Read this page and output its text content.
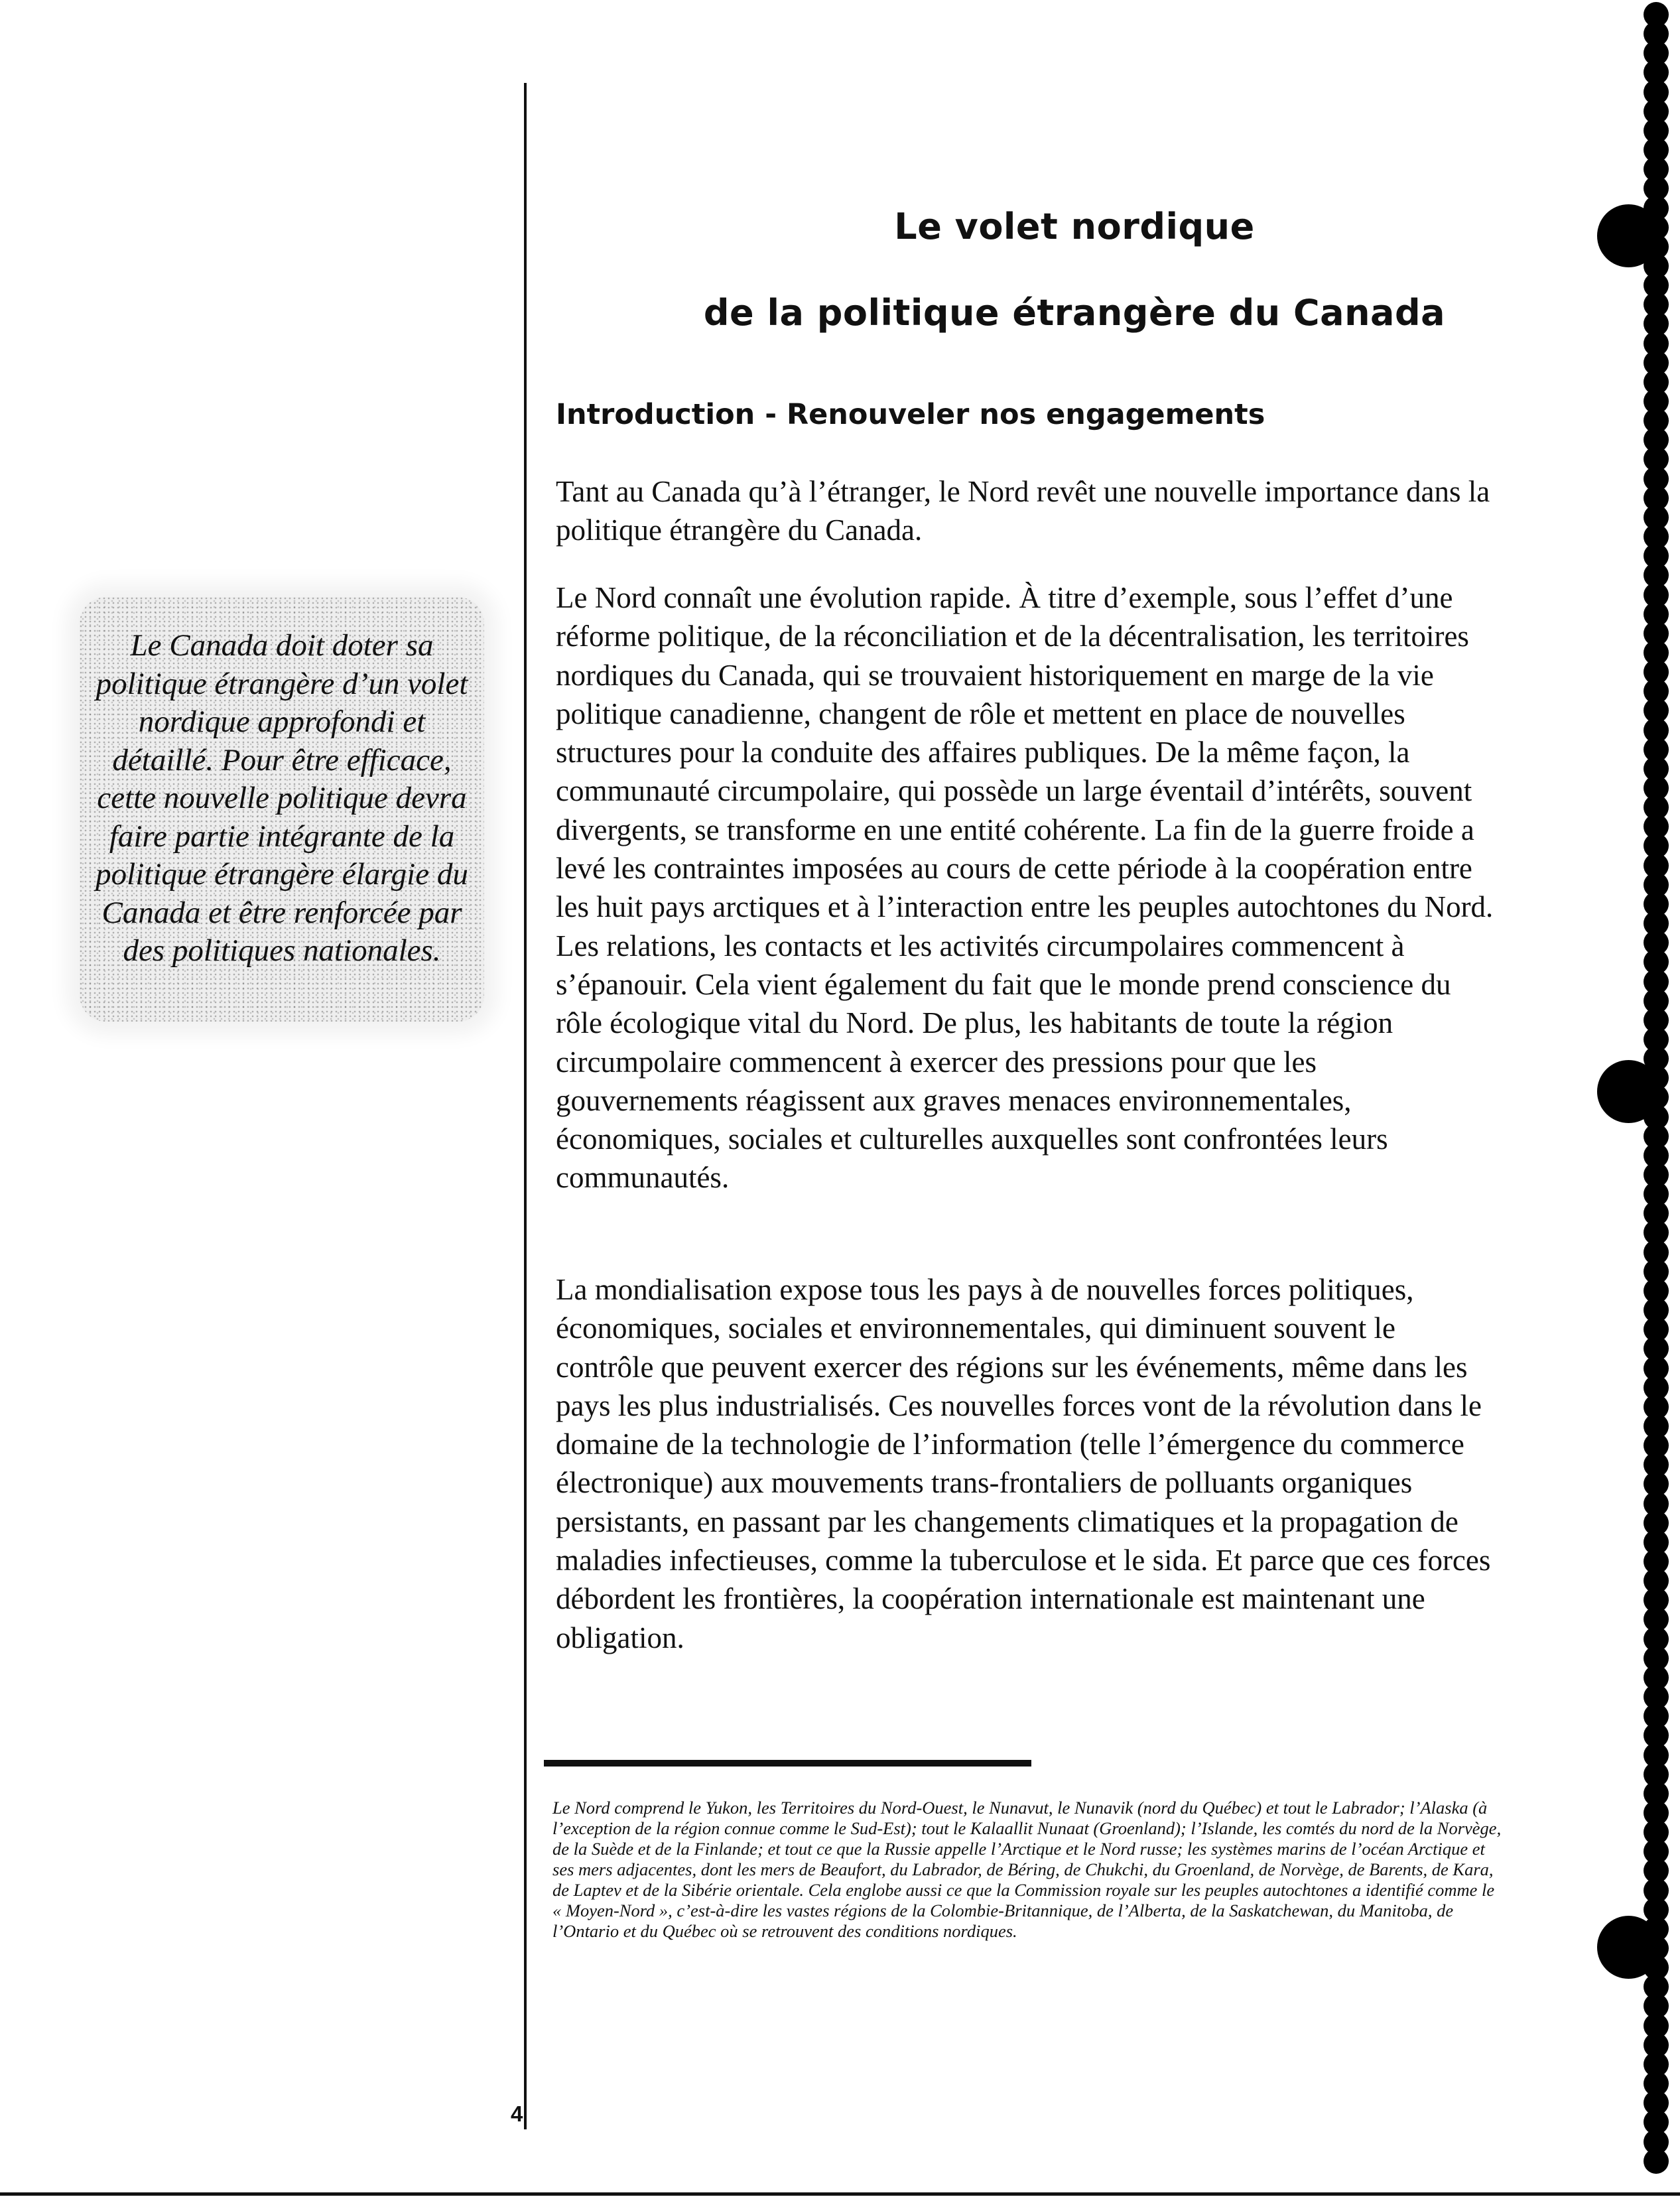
Le Canada doit doter sa politique étrangère d’un volet nordique approfondi et détaillé. Pour être efficace, cette nouvelle politique devra faire partie intégrante de la politique étrangère élargie du Canada et être renforcée par des politiques nationales.
Le volet nordique
de la politique étrangère du Canada
Introduction - Renouveler nos engagements

Tant au Canada qu’à l’étranger, le Nord revêt une nouvelle importance dans la politique étrangère du Canada.

Le Nord connaît une évolution rapide. À titre d’exemple, sous l’effet d’une réforme politique, de la réconciliation et de la décentralisation, les territoires nordiques du Canada, qui se trouvaient historiquement en marge de la vie politique canadienne, changent de rôle et mettent en place de nouvelles structures pour la conduite des affaires publiques. De la même façon, la communauté circumpolaire, qui possède un large éventail d’intérêts, souvent divergents, se transforme en une entité cohérente. La fin de la guerre froide a levé les contraintes imposées au cours de cette période à la coopération entre les huit pays arctiques et à l’interaction entre les peuples autochtones du Nord. Les relations, les contacts et les activités circumpolaires commencent à s’épanouir. Cela vient également du fait que le monde prend conscience du rôle écologique vital du Nord. De plus, les habitants de toute la région circumpolaire commencent à exercer des pressions pour que les gouvernements réagissent aux graves menaces environnementales, économiques, sociales et culturelles auxquelles sont confrontées leurs communautés.

La mondialisation expose tous les pays à de nouvelles forces politiques, économiques, sociales et environnementales, qui diminuent souvent le contrôle que peuvent exercer des régions sur les événements, même dans les pays les plus industrialisés. Ces nouvelles forces vont de la révolution dans le domaine de la technologie de l’information (telle l’émergence du commerce électronique) aux mouvements trans-frontaliers de polluants organiques persistants, en passant par les changements climatiques et la propagation de maladies infectieuses, comme la tuberculose et le sida. Et parce que ces forces débordent les frontières, la coopération internationale est maintenant une obligation.

Le Nord comprend le Yukon, les Territoires du Nord-Ouest, le Nunavut, le Nunavik (nord du Québec) et tout le Labrador; l’Alaska (à l’exception de la région connue comme le Sud-Est); tout le Kalaallit Nunaat (Groenland); l’Islande, les comtés du nord de la Norvège, de la Suède et de la Finlande; et tout ce que la Russie appelle l’Arctique et le Nord russe; les systèmes marins de l’océan Arctique et ses mers adjacentes, dont les mers de Beaufort, du Labrador, de Béring, de Chukchi, du Groenland, de Norvège, de Barents, de Kara, de Laptev et de la Sibérie orientale. Cela englobe aussi ce que la Commission royale sur les peuples autochtones a identifié comme le « Moyen-Nord », c’est-à-dire les vastes régions de la Colombie-Britannique, de l’Alberta, de la Saskatchewan, du Manitoba, de l’Ontario et du Québec où se retrouvent des conditions nordiques.

4
